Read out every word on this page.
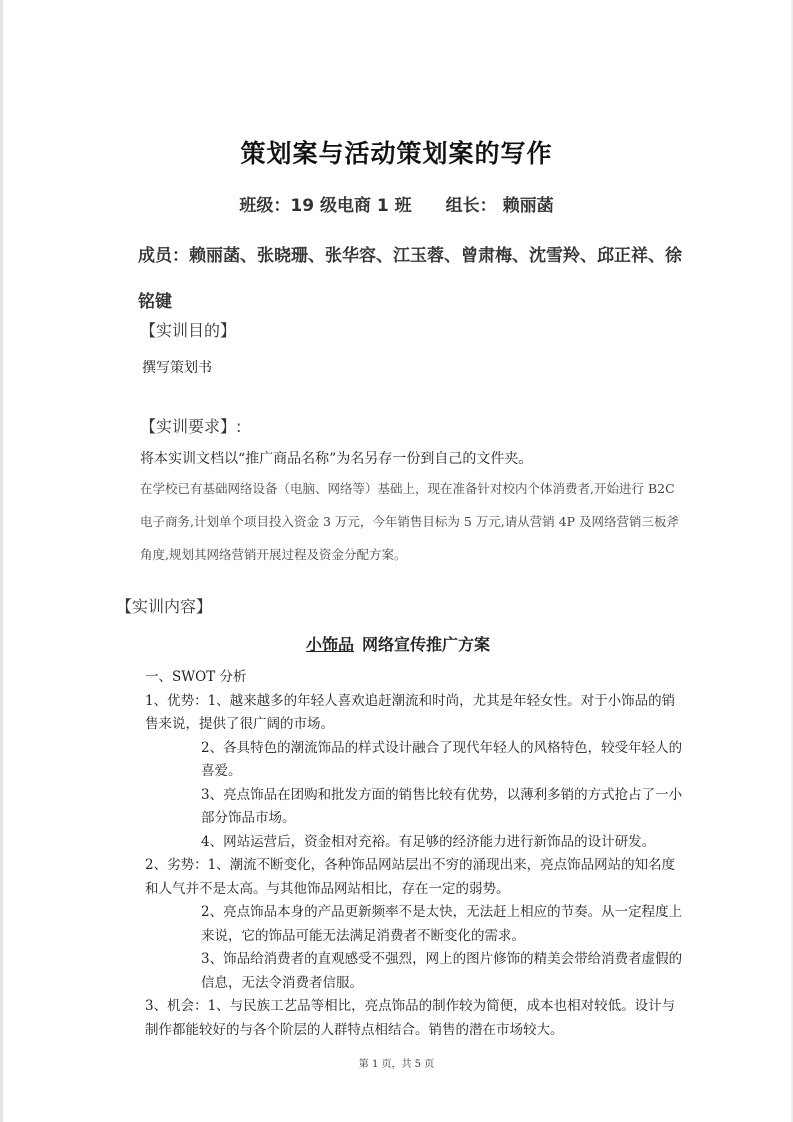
策划案与活动策划案的写作
班级：19 级电商 1 班 组长： 赖丽菡
成员：赖丽菡、张晓珊、张华容、江玉蓉、曾肃梅、沈雪羚、邱正祥、徐铭键
【实训目的】
撰写策划书
【实训要求】:
将本实训文档以“推广商品名称”为名另存一份到自己的文件夹。
在学校已有基础网络设备（电脑、网络等）基础上，现在准备针对校内个体消费者,开始进行 B2C 电子商务,计划单个项目投入资金 3 万元，今年销售目标为 5 万元,请从营销 4P 及网络营销三板斧角度,规划其网络营销开展过程及资金分配方案。
【实训内容】
小饰品 网络宣传推广方案

一、SWOT 分析

1、优势：1、越来越多的年轻人喜欢追赶潮流和时尚，尤其是年轻女性。对于小饰品的销售来说，提供了很广阔的市场。

2、各具特色的潮流饰品的样式设计融合了现代年轻人的风格特色，较受年轻人的喜爱。

3、亮点饰品在团购和批发方面的销售比较有优势，以薄利多销的方式抢占了一小部分饰品市场。

4、网站运营后，资金相对充裕。有足够的经济能力进行新饰品的设计研发。

2、劣势：1、潮流不断变化，各种饰品网站层出不穷的涌现出来，亮点饰品网站的知名度和人气并不是太高。与其他饰品网站相比，存在一定的弱势。

2、亮点饰品本身的产品更新频率不是太快，无法赶上相应的节奏。从一定程度上来说，它的饰品可能无法满足消费者不断变化的需求。

3、饰品给消费者的直观感受不强烈，网上的图片修饰的精美会带给消费者虚假的信息，无法令消费者信服。

3、机会：1、与民族工艺品等相比，亮点饰品的制作较为简便，成本也相对较低。设计与制作都能较好的与各个阶层的人群特点相结合。销售的潜在市场较大。

第 1 页，共 5 页
